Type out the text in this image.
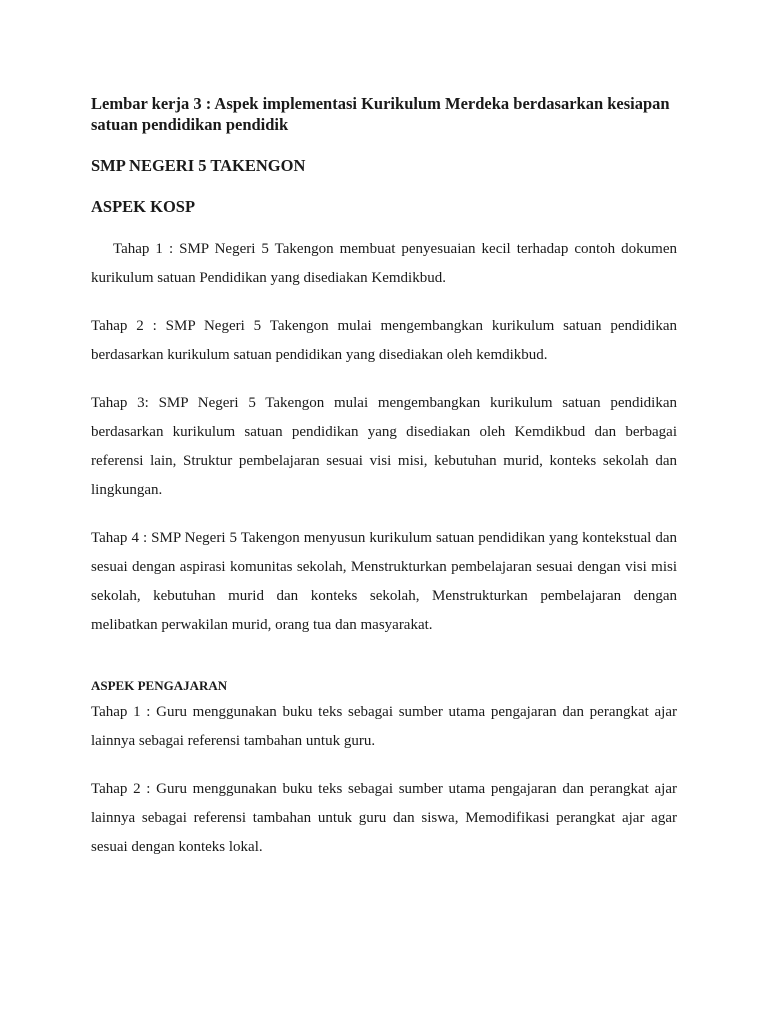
Lembar kerja 3 : Aspek implementasi Kurikulum Merdeka berdasarkan kesiapan satuan pendidikan pendidik

SMP NEGERI 5 TAKENGON

ASPEK KOSP

Tahap 1 : SMP Negeri 5 Takengon membuat penyesuaian kecil terhadap contoh dokumen kurikulum satuan Pendidikan yang disediakan Kemdikbud.

Tahap 2 : SMP Negeri 5 Takengon mulai mengembangkan kurikulum satuan pendidikan berdasarkan kurikulum satuan pendidikan yang disediakan oleh kemdikbud.

Tahap 3: SMP Negeri 5 Takengon mulai mengembangkan kurikulum satuan pendidikan berdasarkan kurikulum satuan pendidikan yang disediakan oleh Kemdikbud dan berbagai referensi lain, Struktur pembelajaran sesuai visi misi, kebutuhan murid, konteks sekolah dan lingkungan.

Tahap 4 : SMP Negeri 5 Takengon menyusun kurikulum satuan pendidikan yang kontekstual dan sesuai dengan aspirasi komunitas sekolah, Menstrukturkan pembelajaran sesuai dengan visi misi sekolah, kebutuhan murid dan konteks sekolah, Menstrukturkan pembelajaran dengan melibatkan perwakilan murid, orang tua dan masyarakat.

ASPEK PENGAJARAN

Tahap 1 : Guru menggunakan buku teks sebagai sumber utama pengajaran dan perangkat ajar lainnya sebagai referensi tambahan untuk guru.

Tahap 2 : Guru menggunakan buku teks sebagai sumber utama pengajaran dan perangkat ajar lainnya sebagai referensi tambahan untuk guru dan siswa, Memodifikasi perangkat ajar agar sesuai dengan konteks lokal.
